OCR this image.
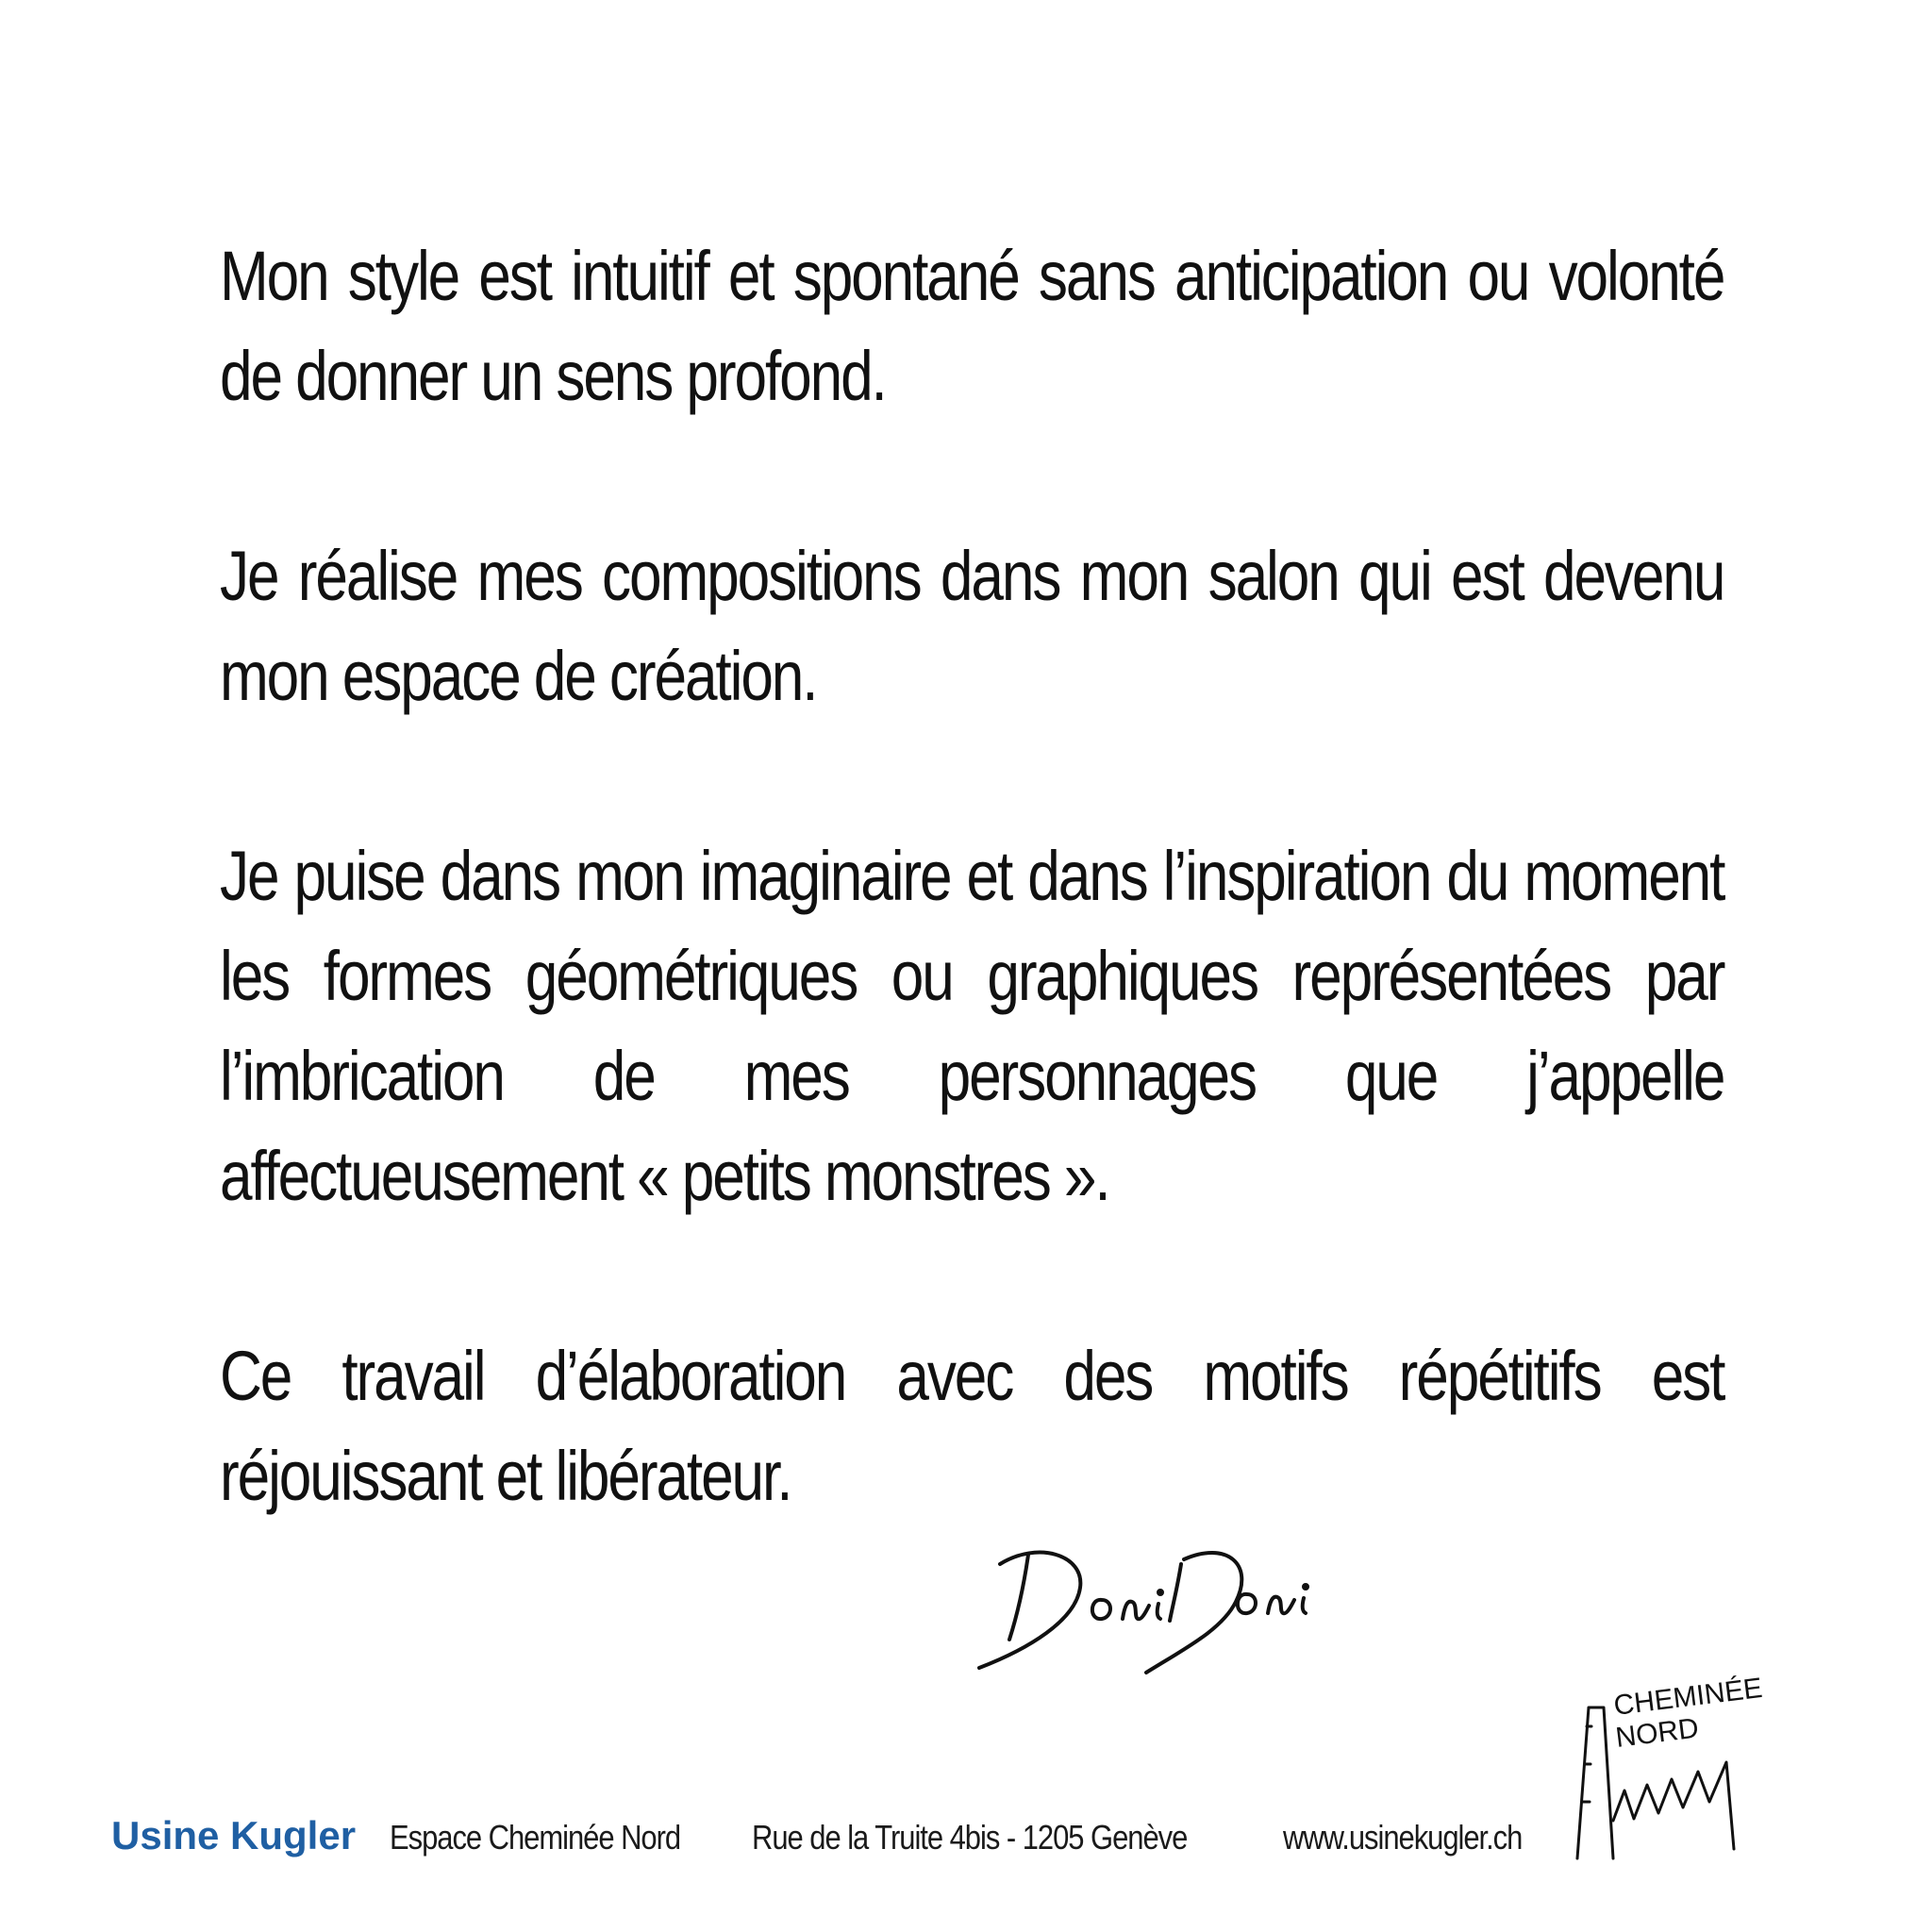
Mon style est intuitif et spontané sans anticipation ou volonté de donner un sens profond.

Je réalise mes compositions dans mon salon qui est devenu mon espace de création.

Je puise dans mon imaginaire et dans l’inspiration du moment les formes géométriques ou graphiques représentées par l’imbrication de mes personnages que j’appelle affectueusement « petits monstres ».

Ce travail d’élaboration avec des motifs répétitifs est réjouissant et libérateur.

Usine Kugler Espace Cheminée Nord Rue de la Truite 4bis - 1205 Genève	www.usinekugler.ch
CHEMINÉE
NORD
